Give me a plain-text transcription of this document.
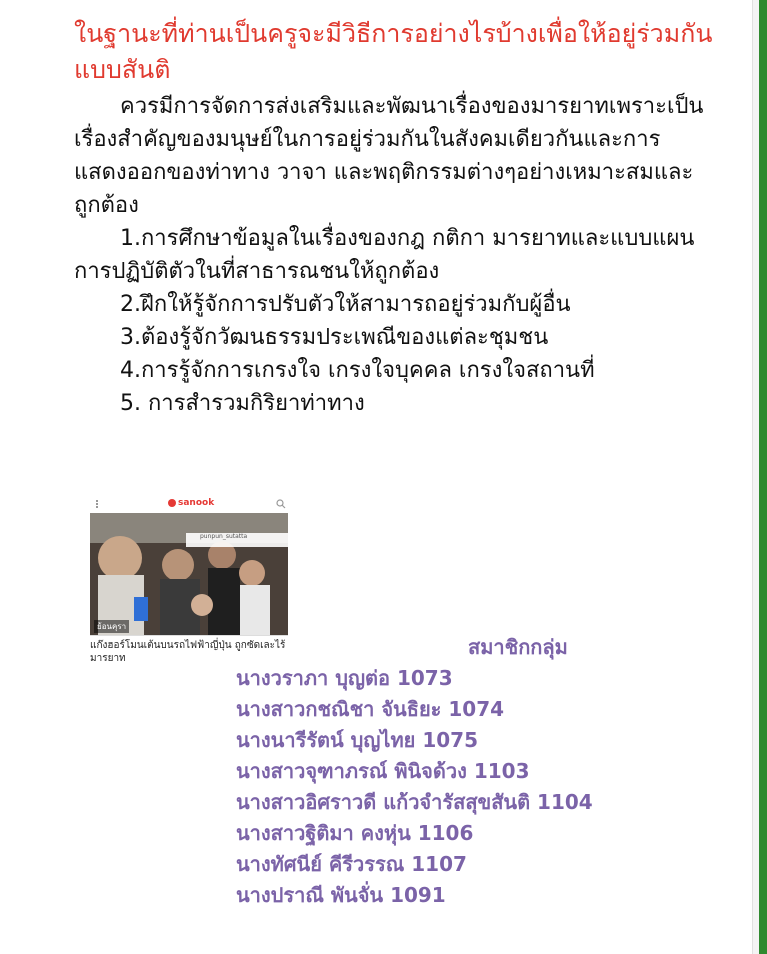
ในฐานะที่ท่านเป็นครูจะมีวิธีการอย่างไรบ้างเพื่อให้อยู่ร่วมกันแบบสันติ

ควรมีการจัดการส่งเสริมและพัฒนาเรื่องของมารยาทเพราะเป็นเรื่องสำคัญของมนุษย์ในการอยู่ร่วมกันในสังคมเดียวกันและการแสดงออกของท่าทาง วาจา และพฤติกรรมต่างๆอย่างเหมาะสมและถูกต้อง

1.การศึกษาข้อมูลในเรื่องของกฎ กติกา มารยาทและแบบแผนการปฏิบัติตัวในที่สาธารณชนให้ถูกต้อง

2.ฝึกให้รู้จักการปรับตัวให้สามารถอยู่ร่วมกับผู้อื่น

3.ต้องรู้จักวัฒนธรรมประเพณีของแต่ละชุมชน

4.การรู้จักการเกรงใจ เกรงใจบุคคล เกรงใจสถานที่

5. การสำรวมกิริยาท่าทาง

sanook
punpun_sutatta
ย้อนคุรา
แก๊งฮอร์โมนเต้นบนรถไฟฟ้าญี่ปุ่น ถูกซัดเละไร้มารยาท	สมาชิกกลุ่ม

นางวราภา บุญต่อ 1073

นางสาวกชณิชา จันธิยะ 1074

นางนารีรัตน์ บุญไทย 1075

นางสาวจุฑาภรณ์ พินิจด้วง 1103

นางสาวอิศราวดี แก้วจำรัสสุขสันติ 1104

นางสาวฐิติมา คงหุ่น 1106

นางทัศนีย์ คีรีวรรณ 1107

นางปราณี พันจั่น 1091
